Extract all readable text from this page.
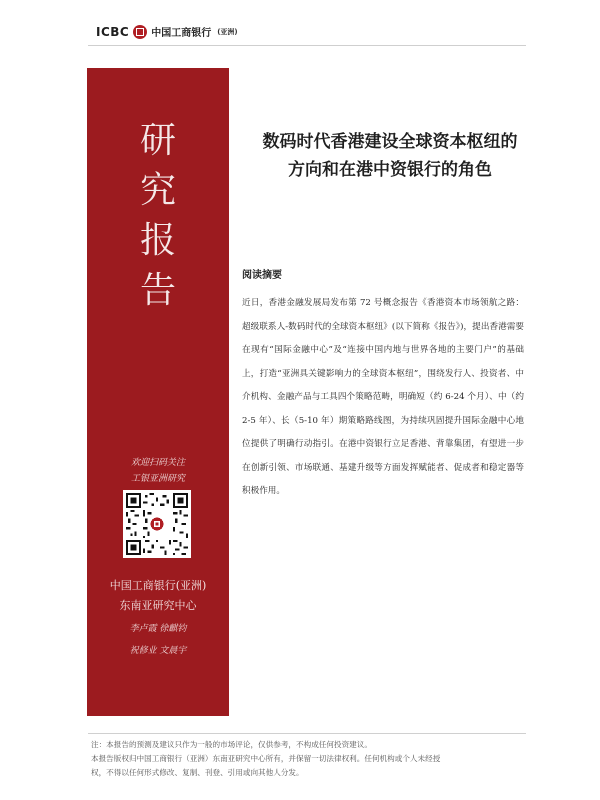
ICBC 中国工商银行 (亚洲)
研
究
报
告
欢迎扫码关注
工银亚洲研究
中国工商银行(亚洲)
东南亚研究中心
李卢霞 徐麒钧
祝修业 文晨宇
数码时代香港建设全球资本枢纽的
方向和在港中资银行的角色
阅读摘要
近日，香港金融发展局发布第 72 号概念报告《香港资本市场领航之路：超级联系人-数码时代的全球资本枢纽》(以下简称《报告》)，提出香港需要在现有“国际金融中心”及“连接中国内地与世界各地的主要门户”的基础上，打造“亚洲具关键影响力的全球资本枢纽”，围绕发行人、投资者、中介机构、金融产品与工具四个策略范畴，明确短（约 6-24 个月）、中（约 2-5 年）、长（5-10 年）期策略路线图，为持续巩固提升国际金融中心地位提供了明确行动指引。在港中资银行立足香港、背靠集团，有望进一步在创新引领、市场联通、基建升级等方面发挥赋能者、促成者和稳定器等积极作用。
注：本报告的预测及建议只作为一般的市场评论，仅供参考，不构成任何投资建议。
本报告版权归中国工商银行（亚洲）东南亚研究中心所有，并保留一切法律权利。任何机构或个人未经授
权，不得以任何形式修改、复制、刊登、引用或向其他人分发。
